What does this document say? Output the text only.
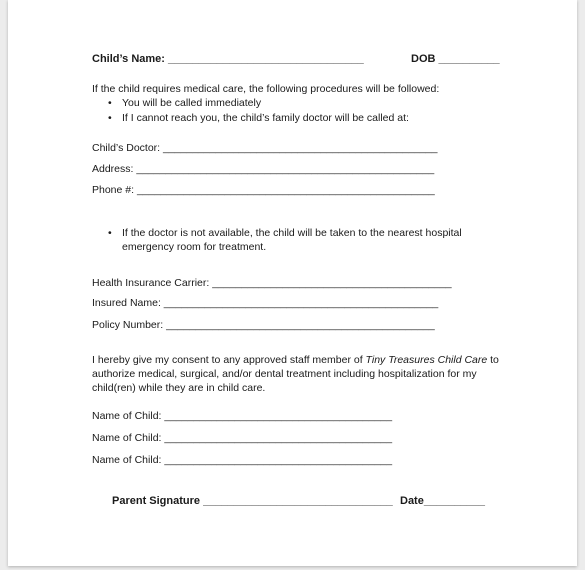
Child’s Name: ________________________________	DOB __________
If the child requires medical care, the following procedures will be followed:
• You will be called immediately
• If I cannot reach you, the child’s family doctor will be called at:
Child’s Doctor: _______________________________________________
Address: ___________________________________________________
Phone #: ___________________________________________________
• If the doctor is not available, the child will be taken to the nearest hospital
emergency room for treatment.
Health Insurance Carrier: _________________________________________
Insured Name: _______________________________________________
Policy Number: ______________________________________________
I hereby give my consent to any approved staff member of Tiny Treasures Child Care to
authorize medical, surgical, and/or dental treatment including hospitalization for my
child(ren) while they are in child care.
Name of Child: _______________________________________
Name of Child: _______________________________________
Name of Child: _______________________________________
Parent Signature _______________________________ Date__________
